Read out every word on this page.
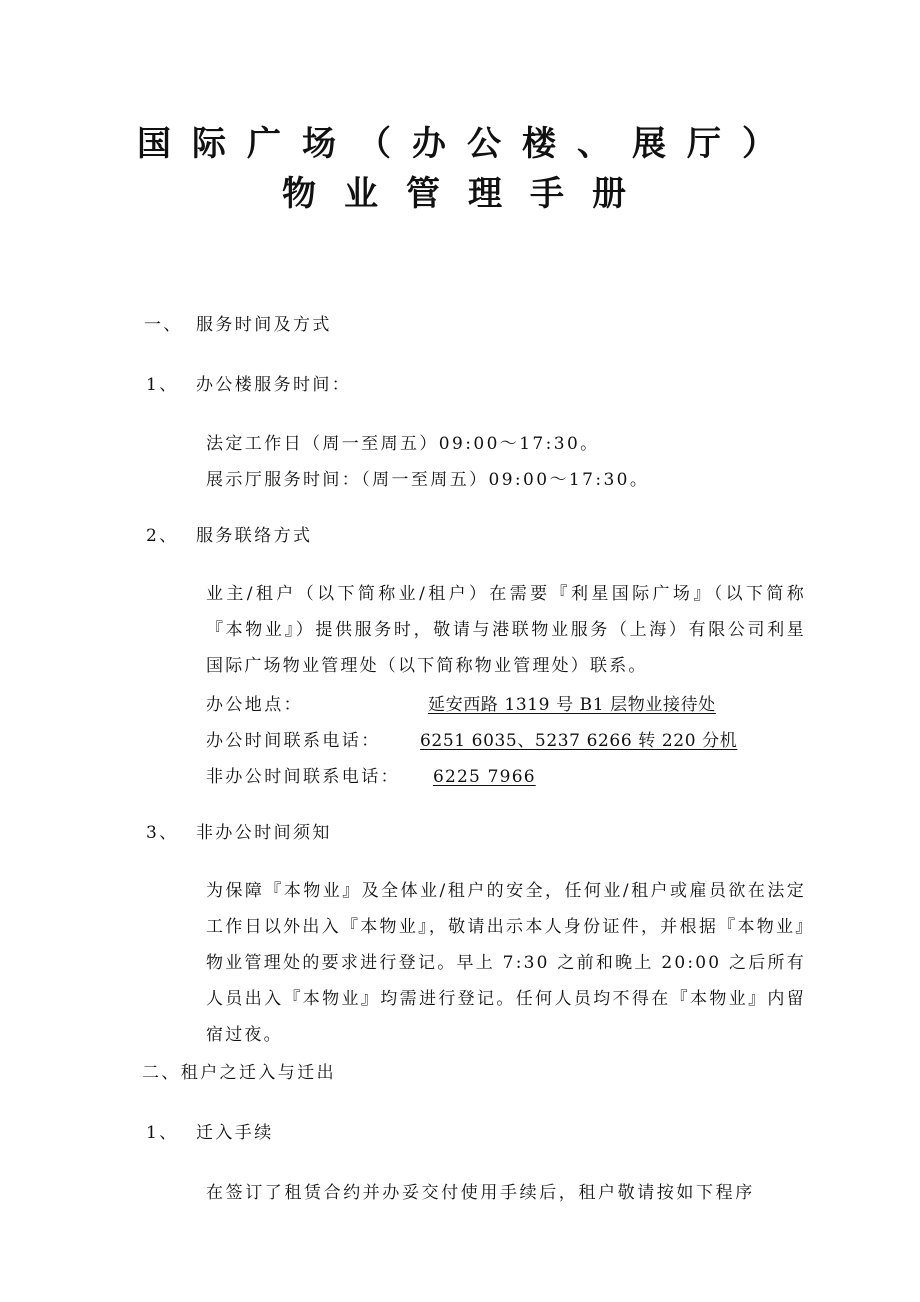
国际广场（办公楼、展厅）
物业管理手册
一、 服务时间及方式
1、 办公楼服务时间：
法定工作日（周一至周五）09:00～17:30。
展示厅服务时间：（周一至周五）09:00～17:30。
2、 服务联络方式
业主/租户（以下简称业/租户）在需要『利星国际广场』（以下简称『本物业』）提供服务时，敬请与港联物业服务（上海）有限公司利星国际广场物业管理处（以下简称物业管理处）联系。
办公地点：	延安西路 1319 号 B1 层物业接待处
办公时间联系电话： 6251 6035、5237 6266 转 220 分机
非办公时间联系电话： 6225 7966
3、 非办公时间须知
为保障『本物业』及全体业/租户的安全，任何业/租户或雇员欲在法定工作日以外出入『本物业』，敬请出示本人身份证件，并根据『本物业』物业管理处的要求进行登记。早上 7:30 之前和晚上 20:00 之后所有人员出入『本物业』均需进行登记。任何人员均不得在『本物业』内留宿过夜。
二、租户之迁入与迁出
1、 迁入手续
在签订了租赁合约并办妥交付使用手续后，租户敬请按如下程序
